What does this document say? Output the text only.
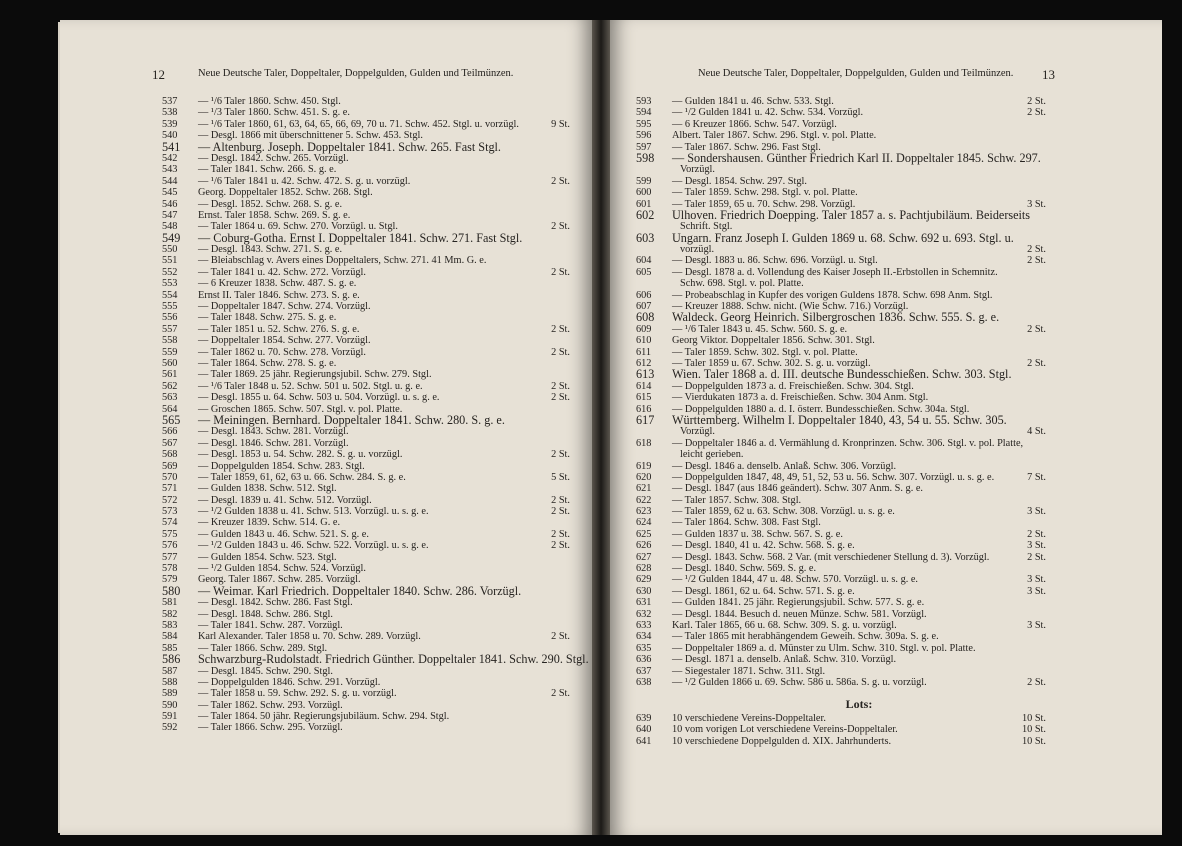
12	Neue Deutsche Taler, Doppeltaler, Doppelgulden, Gulden und Teilmünzen.
537	— ¹/6 Taler 1860. Schw. 450. Stgl.
538	— ¹/3 Taler 1860. Schw. 451. S. g. e.
539	— ¹/6 Taler 1860, 61, 63, 64, 65, 66, 69, 70 u. 71. Schw. 452. Stgl. u. vorzügl.	9 St.
540	— Desgl. 1866 mit überschnittener 5. Schw. 453. Stgl.
541	— Altenburg. Joseph. Doppeltaler 1841. Schw. 265. Fast Stgl.
542	— Desgl. 1842. Schw. 265. Vorzügl.
543	— Taler 1841. Schw. 266. S. g. e.
544	— ¹/6 Taler 1841 u. 42. Schw. 472. S. g. u. vorzügl.	2 St.
545	Georg. Doppeltaler 1852. Schw. 268. Stgl.
546	— Desgl. 1852. Schw. 268. S. g. e.
547	Ernst. Taler 1858. Schw. 269. S. g. e.
548	— Taler 1864 u. 69. Schw. 270. Vorzügl. u. Stgl.	2 St.
549	— Coburg-Gotha. Ernst I. Doppeltaler 1841. Schw. 271. Fast Stgl.
550	— Desgl. 1843. Schw. 271. S. g. e.
551	— Bleiabschlag v. Avers eines Doppeltalers, Schw. 271. 41 Mm. G. e.
552	— Taler 1841 u. 42. Schw. 272. Vorzügl.	2 St.
553	— 6 Kreuzer 1838. Schw. 487. S. g. e.
554	Ernst II. Taler 1846. Schw. 273. S. g. e.
555	— Doppeltaler 1847. Schw. 274. Vorzügl.
556	— Taler 1848. Schw. 275. S. g. e.
557	— Taler 1851 u. 52. Schw. 276. S. g. e.	2 St.
558	— Doppeltaler 1854. Schw. 277. Vorzügl.
559	— Taler 1862 u. 70. Schw. 278. Vorzügl.	2 St.
560	— Taler 1864. Schw. 278. S. g. e.
561	— Taler 1869. 25 jähr. Regierungsjubil. Schw. 279. Stgl.
562	— ¹/6 Taler 1848 u. 52. Schw. 501 u. 502. Stgl. u. g. e.	2 St.
563	— Desgl. 1855 u. 64. Schw. 503 u. 504. Vorzügl. u. s. g. e.	2 St.
564	— Groschen 1865. Schw. 507. Stgl. v. pol. Platte.
565	— Meiningen. Bernhard. Doppeltaler 1841. Schw. 280. S. g. e.
566	— Desgl. 1843. Schw. 281. Vorzügl.
567	— Desgl. 1846. Schw. 281. Vorzügl.
568	— Desgl. 1853 u. 54. Schw. 282. S. g. u. vorzügl.	2 St.
569	— Doppelgulden 1854. Schw. 283. Stgl.
570	— Taler 1859, 61, 62, 63 u. 66. Schw. 284. S. g. e.	5 St.
571	— Gulden 1838. Schw. 512. Stgl.
572	— Desgl. 1839 u. 41. Schw. 512. Vorzügl.	2 St.
573	— ¹/2 Gulden 1838 u. 41. Schw. 513. Vorzügl. u. s. g. e.	2 St.
574	— Kreuzer 1839. Schw. 514. G. e.
575	— Gulden 1843 u. 46. Schw. 521. S. g. e.	2 St.
576	— ¹/2 Gulden 1843 u. 46. Schw. 522. Vorzügl. u. s. g. e.	2 St.
577	— Gulden 1854. Schw. 523. Stgl.
578	— ¹/2 Gulden 1854. Schw. 524. Vorzügl.
579	Georg. Taler 1867. Schw. 285. Vorzügl.
580	— Weimar. Karl Friedrich. Doppeltaler 1840. Schw. 286. Vorzügl.
581	— Desgl. 1842. Schw. 286. Fast Stgl.
582	— Desgl. 1848. Schw. 286. Stgl.
583	— Taler 1841. Schw. 287. Vorzügl.
584	Karl Alexander. Taler 1858 u. 70. Schw. 289. Vorzügl.	2 St.
585	— Taler 1866. Schw. 289. Stgl.
586	Schwarzburg-Rudolstadt. Friedrich Günther. Doppeltaler 1841. Schw. 290. Stgl.
587	— Desgl. 1845. Schw. 290. Stgl.
588	— Doppelgulden 1846. Schw. 291. Vorzügl.
589	— Taler 1858 u. 59. Schw. 292. S. g. u. vorzügl.	2 St.
590	— Taler 1862. Schw. 293. Vorzügl.
591	— Taler 1864. 50 jähr. Regierungsjubiläum. Schw. 294. Stgl.
592	— Taler 1866. Schw. 295. Vorzügl.
Neue Deutsche Taler, Doppeltaler, Doppelgulden, Gulden und Teilmünzen. 13
593	— Gulden 1841 u. 46. Schw. 533. Stgl.	2 St.
594	— ¹/2 Gulden 1841 u. 42. Schw. 534. Vorzügl.	2 St.
595	— 6 Kreuzer 1866. Schw. 547. Vorzügl.
596	Albert. Taler 1867. Schw. 296. Stgl. v. pol. Platte.
597	— Taler 1867. Schw. 296. Fast Stgl.
598	— Sondershausen. Günther Friedrich Karl II. Doppeltaler 1845. Schw. 297.
Vorzügl.
599	— Desgl. 1854. Schw. 297. Stgl.
600	— Taler 1859. Schw. 298. Stgl. v. pol. Platte.
601	— Taler 1859, 65 u. 70. Schw. 298. Vorzügl.	3 St.
602	Ulhoven. Friedrich Doepping. Taler 1857 a. s. Pachtjubiläum. Beiderseits
Schrift. Stgl.
603	Ungarn. Franz Joseph I. Gulden 1869 u. 68. Schw. 692 u. 693. Stgl. u.
vorzügl.	2 St.
604	— Desgl. 1883 u. 86. Schw. 696. Vorzügl. u. Stgl.	2 St.
605	— Desgl. 1878 a. d. Vollendung des Kaiser Joseph II.-Erbstollen in Schemnitz.
Schw. 698. Stgl. v. pol. Platte.
606	— Probeabschlag in Kupfer des vorigen Guldens 1878. Schw. 698 Anm. Stgl.
607	— Kreuzer 1888. Schw. nicht. (Wie Schw. 716.) Vorzügl.
608	Waldeck. Georg Heinrich. Silbergroschen 1836. Schw. 555. S. g. e.
609	— ¹/6 Taler 1843 u. 45. Schw. 560. S. g. e.	2 St.
610	Georg Viktor. Doppeltaler 1856. Schw. 301. Stgl.
611	— Taler 1859. Schw. 302. Stgl. v. pol. Platte.
612	— Taler 1859 u. 67. Schw. 302. S. g. u. vorzügl.	2 St.
613	Wien. Taler 1868 a. d. III. deutsche Bundesschießen. Schw. 303. Stgl.
614	— Doppelgulden 1873 a. d. Freischießen. Schw. 304. Stgl.
615	— Vierdukaten 1873 a. d. Freischießen. Schw. 304 Anm. Stgl.
616	— Doppelgulden 1880 a. d. I. österr. Bundesschießen. Schw. 304a. Stgl.
617	Württemberg. Wilhelm I. Doppeltaler 1840, 43, 54 u. 55. Schw. 305.
Vorzügl.	4 St.
618	— Doppeltaler 1846 a. d. Vermählung d. Kronprinzen. Schw. 306. Stgl. v. pol. Platte,
leicht gerieben.
619	— Desgl. 1846 a. denselb. Anlaß. Schw. 306. Vorzügl.
620	— Doppelgulden 1847, 48, 49, 51, 52, 53 u. 56. Schw. 307. Vorzügl. u. s. g. e.	7 St.
621	— Desgl. 1847 (aus 1846 geändert). Schw. 307 Anm. S. g. e.
622	— Taler 1857. Schw. 308. Stgl.
623	— Taler 1859, 62 u. 63. Schw. 308. Vorzügl. u. s. g. e.	3 St.
624	— Taler 1864. Schw. 308. Fast Stgl.
625	— Gulden 1837 u. 38. Schw. 567. S. g. e.	2 St.
626	— Desgl. 1840, 41 u. 42. Schw. 568. S. g. e.	3 St.
627	— Desgl. 1843. Schw. 568. 2 Var. (mit verschiedener Stellung d. 3). Vorzügl.	2 St.
628	— Desgl. 1840. Schw. 569. S. g. e.
629	— ¹/2 Gulden 1844, 47 u. 48. Schw. 570. Vorzügl. u. s. g. e.	3 St.
630	— Desgl. 1861, 62 u. 64. Schw. 571. S. g. e.	3 St.
631	— Gulden 1841. 25 jähr. Regierungsjubil. Schw. 577. S. g. e.
632	— Desgl. 1844. Besuch d. neuen Münze. Schw. 581. Vorzügl.
633	Karl. Taler 1865, 66 u. 68. Schw. 309. S. g. u. vorzügl.	3 St.
634	— Taler 1865 mit herabhängendem Geweih. Schw. 309a. S. g. e.
635	— Doppeltaler 1869 a. d. Münster zu Ulm. Schw. 310. Stgl. v. pol. Platte.
636	— Desgl. 1871 a. denselb. Anlaß. Schw. 310. Vorzügl.
637	— Siegestaler 1871. Schw. 311. Stgl.
638	— ¹/2 Gulden 1866 u. 69. Schw. 586 u. 586a. S. g. u. vorzügl.	2 St.
Lots:
639	10 verschiedene Vereins-Doppeltaler.	10 St.
640	10 vom vorigen Lot verschiedene Vereins-Doppeltaler.	10 St.
641	10 verschiedene Doppelgulden d. XIX. Jahrhunderts.	10 St.
